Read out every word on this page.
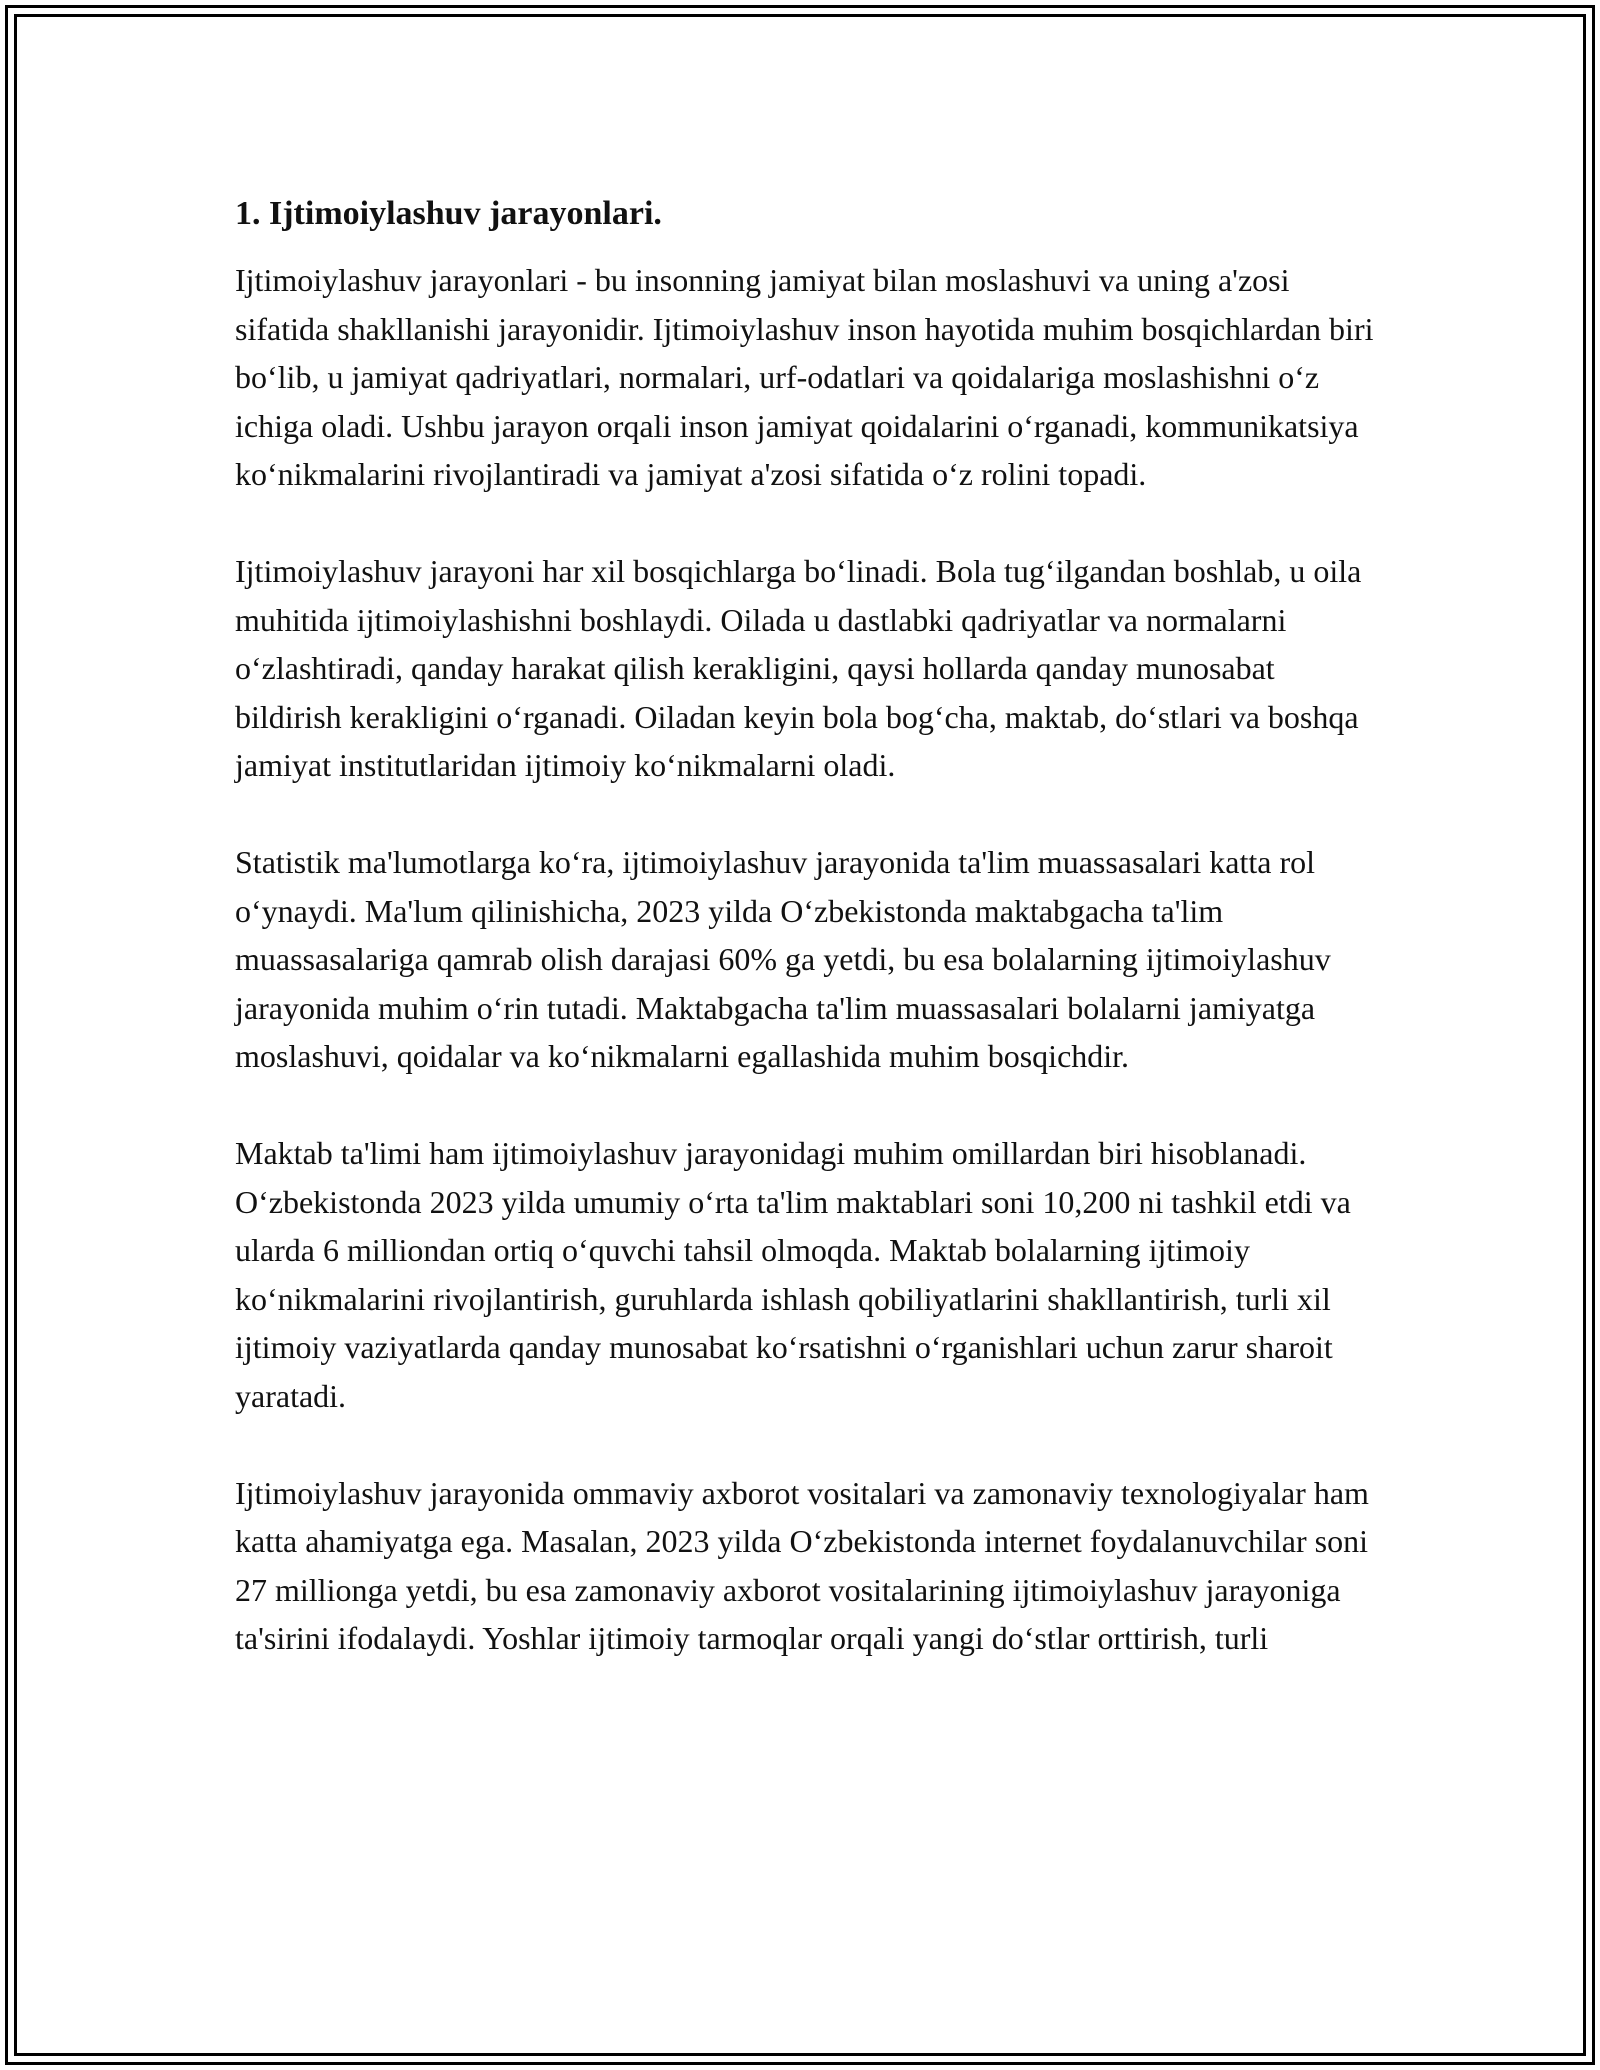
1. Ijtimoiylashuv jarayonlari.

Ijtimoiylashuv jarayonlari - bu insonning jamiyat bilan moslashuvi va uning a'zosi sifatida shakllanishi jarayonidir. Ijtimoiylashuv inson hayotida muhim bosqichlardan biri bo‘lib, u jamiyat qadriyatlari, normalari, urf-odatlari va qoidalariga moslashishni o‘z ichiga oladi. Ushbu jarayon orqali inson jamiyat qoidalarini o‘rganadi, kommunikatsiya ko‘nikmalarini rivojlantiradi va jamiyat a'zosi sifatida o‘z rolini topadi.

Ijtimoiylashuv jarayoni har xil bosqichlarga bo‘linadi. Bola tug‘ilgandan boshlab, u oila muhitida ijtimoiylashishni boshlaydi. Oilada u dastlabki qadriyatlar va normalarni o‘zlashtiradi, qanday harakat qilish kerakligini, qaysi hollarda qanday munosabat bildirish kerakligini o‘rganadi. Oiladan keyin bola bog‘cha, maktab, do‘stlari va boshqa jamiyat institutlaridan ijtimoiy ko‘nikmalarni oladi.

Statistik ma'lumotlarga ko‘ra, ijtimoiylashuv jarayonida ta'lim muassasalari katta rol o‘ynaydi. Ma'lum qilinishicha, 2023 yilda O‘zbekistonda maktabgacha ta'lim muassasalariga qamrab olish darajasi 60% ga yetdi, bu esa bolalarning ijtimoiylashuv jarayonida muhim o‘rin tutadi. Maktabgacha ta'lim muassasalari bolalarni jamiyatga moslashuvi, qoidalar va ko‘nikmalarni egallashida muhim bosqichdir.

Maktab ta'limi ham ijtimoiylashuv jarayonidagi muhim omillardan biri hisoblanadi. O‘zbekistonda 2023 yilda umumiy o‘rta ta'lim maktablari soni 10,200 ni tashkil etdi va ularda 6 milliondan ortiq o‘quvchi tahsil olmoqda. Maktab bolalarning ijtimoiy ko‘nikmalarini rivojlantirish, guruhlarda ishlash qobiliyatlarini shakllantirish, turli xil ijtimoiy vaziyatlarda qanday munosabat ko‘rsatishni o‘rganishlari uchun zarur sharoit yaratadi.

Ijtimoiylashuv jarayonida ommaviy axborot vositalari va zamonaviy texnologiyalar ham katta ahamiyatga ega. Masalan, 2023 yilda O‘zbekistonda internet foydalanuvchilar soni 27 millionga yetdi, bu esa zamonaviy axborot vositalarining ijtimoiylashuv jarayoniga ta'sirini ifodalaydi. Yoshlar ijtimoiy tarmoqlar orqali yangi do‘stlar orttirish, turli
